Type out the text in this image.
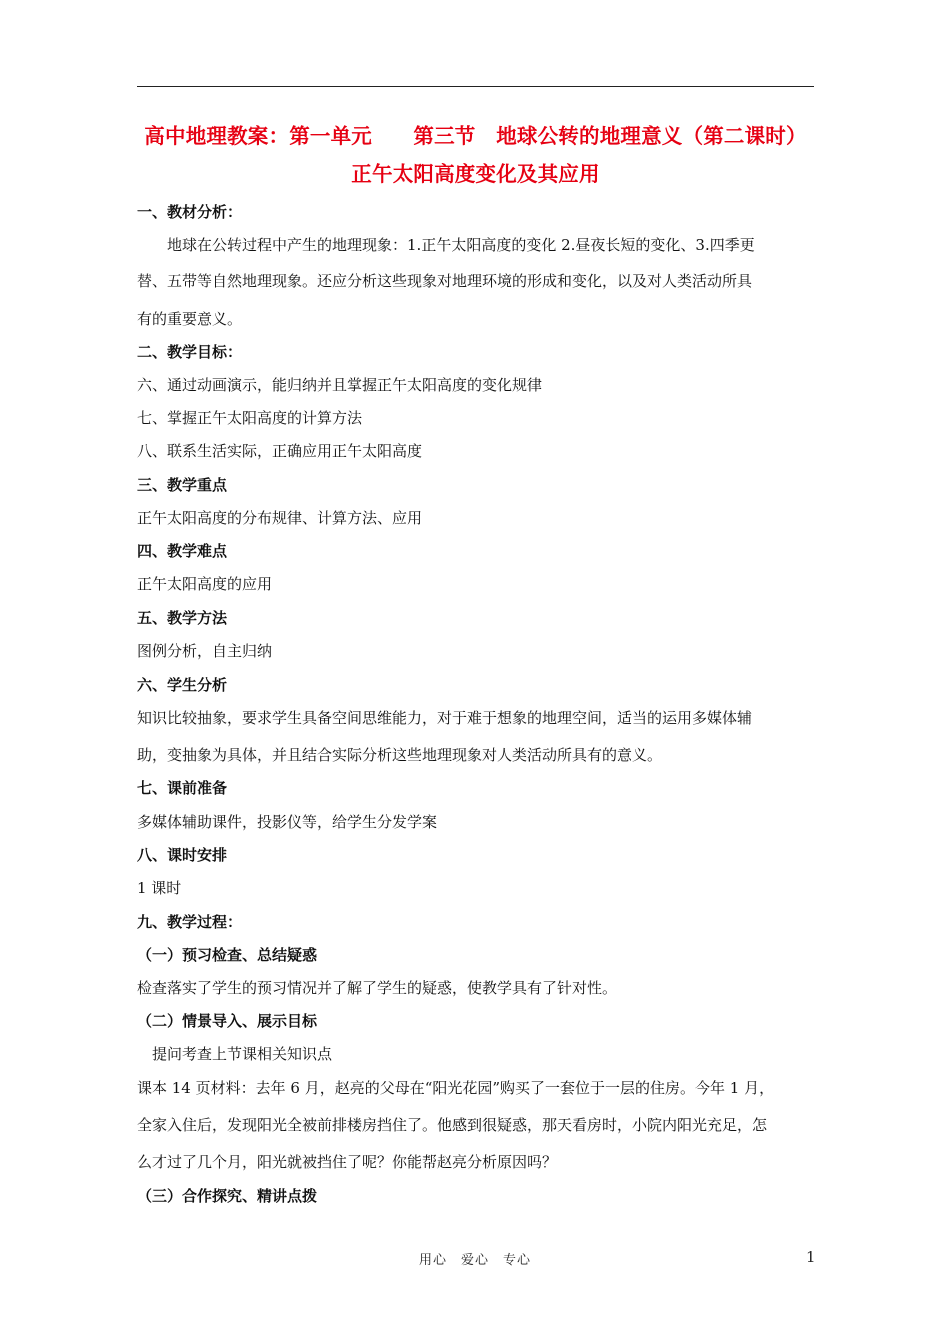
高中地理教案：第一单元　　第三节　地球公转的地理意义（第二课时）
正午太阳高度变化及其应用
一、教材分析：
　　地球在公转过程中产生的地理现象：1.正午太阳高度的变化 2.昼夜长短的变化、3.四季更
替、五带等自然地理现象。还应分析这些现象对地理环境的形成和变化，以及对人类活动所具
有的重要意义。
二、教学目标：
六、通过动画演示，能归纳并且掌握正午太阳高度的变化规律
七、掌握正午太阳高度的计算方法
八、联系生活实际，正确应用正午太阳高度
三、教学重点
正午太阳高度的分布规律、计算方法、应用
四、教学难点
正午太阳高度的应用
五、教学方法
图例分析，自主归纳
六、学生分析
知识比较抽象，要求学生具备空间思维能力，对于难于想象的地理空间，适当的运用多媒体辅
助，变抽象为具体，并且结合实际分析这些地理现象对人类活动所具有的意义。
七、课前准备
多媒体辅助课件，投影仪等，给学生分发学案
八、课时安排
1 课时
九、教学过程：
（一）预习检查、总结疑惑
检查落实了学生的预习情况并了解了学生的疑惑，使教学具有了针对性。
（二）情景导入、展示目标
　提问考查上节课相关知识点
课本 14 页材料：去年 6 月，赵亮的父母在“阳光花园”购买了一套位于一层的住房。今年 1 月，
全家入住后，发现阳光全被前排楼房挡住了。他感到很疑惑，那天看房时，小院内阳光充足，怎
么才过了几个月，阳光就被挡住了呢？你能帮赵亮分析原因吗？
（三）合作探究、精讲点拨
用心　爱心　专心	1
